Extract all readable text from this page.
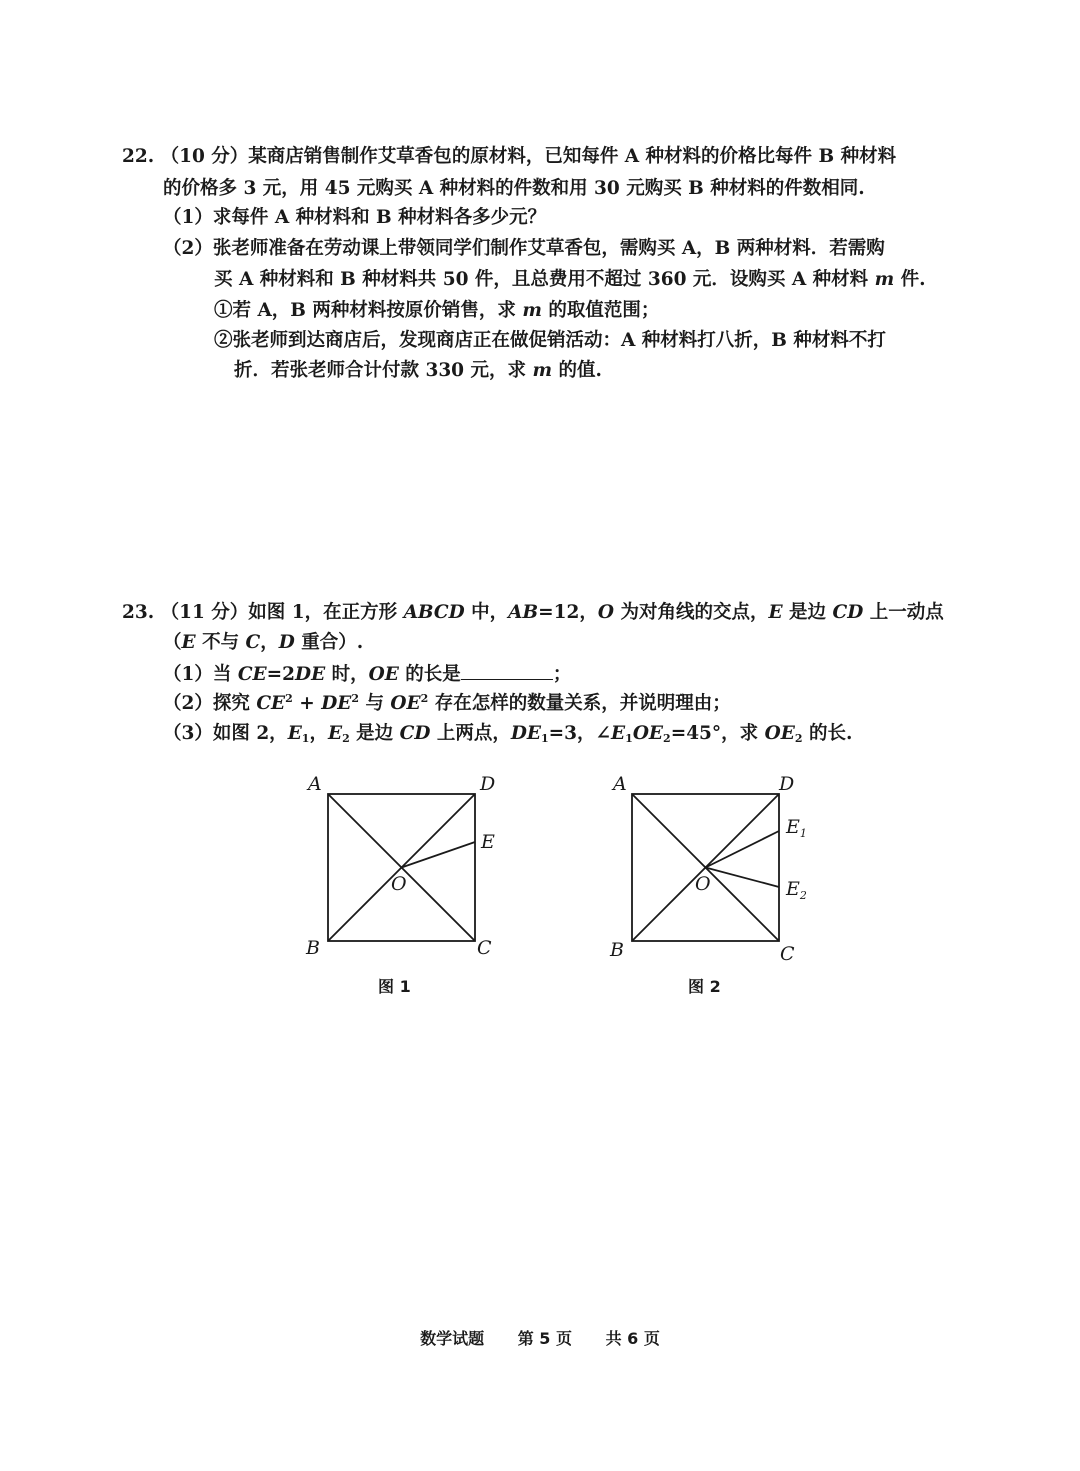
22. （10 分）某商店销售制作艾草香包的原材料，已知每件 A 种材料的价格比每件 B 种材料
的价格多 3 元，用 45 元购买 A 种材料的件数和用 30 元购买 B 种材料的件数相同.
（1）求每件 A 种材料和 B 种材料各多少元？
（2）张老师准备在劳动课上带领同学们制作艾草香包，需购买 A，B 两种材料．若需购
买 A 种材料和 B 种材料共 50 件，且总费用不超过 360 元．设购买 A 种材料 m 件.
①若 A，B 两种材料按原价销售，求 m 的取值范围；
②张老师到达商店后，发现商店正在做促销活动：A 种材料打八折，B 种材料不打
折．若张老师合计付款 330 元，求 m 的值.
23. （11 分）如图 1，在正方形 ABCD 中，AB=12，O 为对角线的交点，E 是边 CD 上一动点
（E 不与 C，D 重合）.
（1）当 CE=2DE 时，OE 的长是	；
（2）探究 $CE^2 + DE^2$ 与 $OE^2$ 存在怎样的数量关系，并说明理由；
（3）如图 2，$E_1$，$E_2$ 是边 CD 上两点，$DE_1=3$，$\angle E_1OE_2=45^\circ$，求 $OE_2$ 的长.
A	D
E
O
B	C
A	D
$E_1$
O	$E_2$
B	C
图 1	图 2
数学试题 第 5 页 共 6 页
